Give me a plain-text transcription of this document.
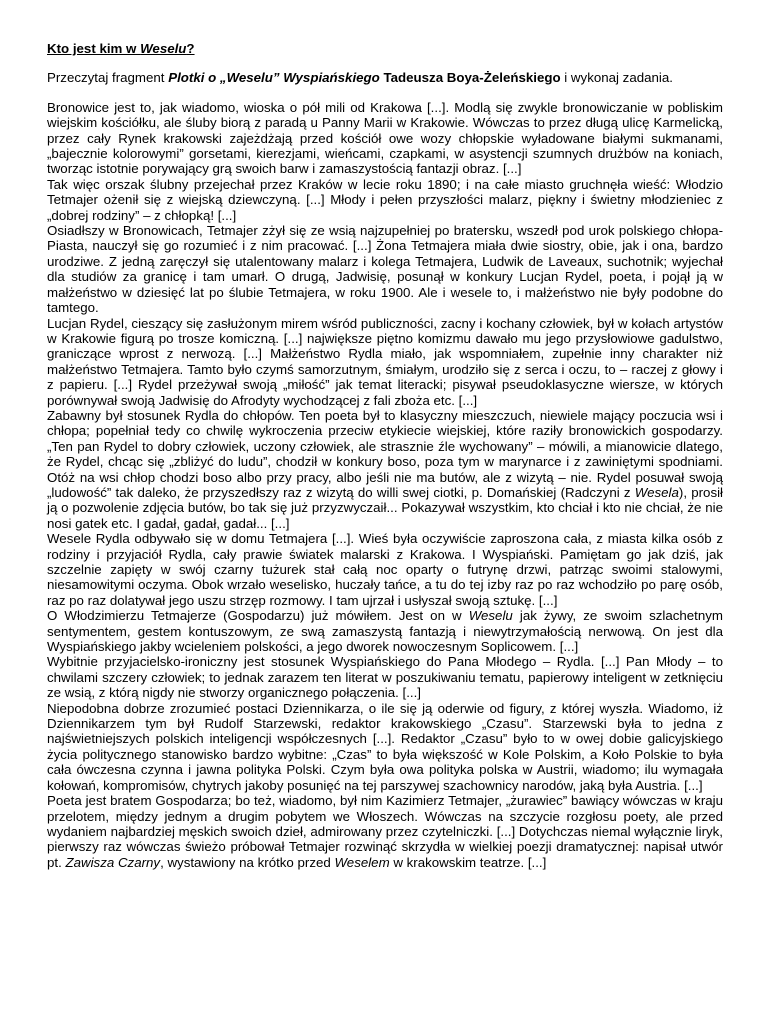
Kto jest kim w Weselu?

Przeczytaj fragment Plotki o „Weselu” Wyspiańskiego Tadeusza Boya-Żeleńskiego i wykonaj zadania.

Bronowice jest to, jak wiadomo, wioska o pół mili od Krakowa [...]. Modlą się zwykle bronowiczanie w pobliskim wiejskim kościółku, ale śluby biorą z paradą u Panny Marii w Krakowie. Wówczas to przez długą ulicę Karmelicką, przez cały Rynek krakowski zajeżdżają przed kościół owe wozy chłopskie wyładowane białymi sukmanami, „bajecznie kolorowymi” gorsetami, kierezjami, wieńcami, czapkami, w asystencji szumnych drużbów na koniach, tworząc istotnie porywający grą swoich barw i zamaszystością fantazji obraz. [...]

Tak więc orszak ślubny przejechał przez Kraków w lecie roku 1890; i na całe miasto gruchnęła wieść: Włodzio Tetmajer ożenił się z wiejską dziewczyną. [...] Młody i pełen przyszłości malarz, piękny i świetny młodzieniec z „dobrej rodziny” – z chłopką! [...]

Osiadłszy w Bronowicach, Tetmajer zżył się ze wsią najzupełniej po bratersku, wszedł pod urok polskiego chłopa-Piasta, nauczył się go rozumieć i z nim pracować. [...] Żona Tetmajera miała dwie siostry, obie, jak i ona, bardzo urodziwe. Z jedną zaręczył się utalentowany malarz i kolega Tetmajera, Ludwik de Laveaux, suchotnik; wyjechał dla studiów za granicę i tam umarł. O drugą, Jadwisię, posunął w konkury Lucjan Rydel, poeta, i pojął ją w małżeństwo w dziesięć lat po ślubie Tetmajera, w roku 1900. Ale i wesele to, i małżeństwo nie były podobne do tamtego.

Lucjan Rydel, cieszący się zasłużonym mirem wśród publiczności, zacny i kochany człowiek, był w kołach artystów w Krakowie figurą po trosze komiczną. [...] największe piętno komizmu dawało mu jego przysłowiowe gadulstwo, graniczące wprost z nerwozą. [...] Małżeństwo Rydla miało, jak wspomniałem, zupełnie inny charakter niż małżeństwo Tetmajera. Tamto było czymś samorzutnym, śmiałym, urodziło się z serca i oczu, to – raczej z głowy i z papieru. [...] Rydel przeżywał swoją „miłość” jak temat literacki; pisywał pseudoklasyczne wiersze, w których porównywał swoją Jadwisię do Afrodyty wychodzącej z fali zboża etc. [...]

Zabawny był stosunek Rydla do chłopów. Ten poeta był to klasyczny mieszczuch, niewiele mający poczucia wsi i chłopa; popełniał tedy co chwilę wykroczenia przeciw etykiecie wiejskiej, które raziły bronowickich gospodarzy. „Ten pan Rydel to dobry człowiek, uczony człowiek, ale strasznie źle wychowany” – mówili, a mianowicie dlatego, że Rydel, chcąc się „zbliżyć do ludu”, chodził w konkury boso, poza tym w marynarce i z zawiniętymi spodniami. Otóż na wsi chłop chodzi boso albo przy pracy, albo jeśli nie ma butów, ale z wizytą – nie. Rydel posuwał swoją „ludowość” tak daleko, że przyszedłszy raz z wizytą do willi swej ciotki, p. Domańskiej (Radczyni z Wesela), prosił ją o pozwolenie zdjęcia butów, bo tak się już przyzwyczaił... Pokazywał wszystkim, kto chciał i kto nie chciał, że nie nosi gatek etc. I gadał, gadał, gadał... [...]

Wesele Rydla odbywało się w domu Tetmajera [...]. Wieś była oczywiście zaproszona cała, z miasta kilka osób z rodziny i przyjaciół Rydla, cały prawie światek malarski z Krakowa. I Wyspiański. Pamiętam go jak dziś, jak szczelnie zapięty w swój czarny tużurek stał całą noc oparty o futrynę drzwi, patrząc swoimi stalowymi, niesamowitymi oczyma. Obok wrzało weselisko, huczały tańce, a tu do tej izby raz po raz wchodziło po parę osób, raz po raz dolatywał jego uszu strzęp rozmowy. I tam ujrzał i usłyszał swoją sztukę. [...]

O Włodzimierzu Tetmajerze (Gospodarzu) już mówiłem. Jest on w Weselu jak żywy, ze swoim szlachetnym sentymentem, gestem kontuszowym, ze swą zamaszystą fantazją i niewytrzymałością nerwową. On jest dla Wyspiańskiego jakby wcieleniem polskości, a jego dworek nowoczesnym Soplicowem. [...]

Wybitnie przyjacielsko-ironiczny jest stosunek Wyspiańskiego do Pana Młodego – Rydla. [...] Pan Młody – to chwilami szczery człowiek; to jednak zarazem ten literat w poszukiwaniu tematu, papierowy inteligent w zetknięciu ze wsią, z którą nigdy nie stworzy organicznego połączenia. [...]

Niepodobna dobrze zrozumieć postaci Dziennikarza, o ile się ją oderwie od figury, z której wyszła. Wiadomo, iż Dziennikarzem tym był Rudolf Starzewski, redaktor krakowskiego „Czasu”. Starzewski była to jedna z najświetniejszych polskich inteligencji współczesnych [...]. Redaktor „Czasu” było to w owej dobie galicyjskiego życia politycznego stanowisko bardzo wybitne: „Czas” to była większość w Kole Polskim, a Koło Polskie to była cała ówczesna czynna i jawna polityka Polski. Czym była owa polityka polska w Austrii, wiadomo; ilu wymagała kołowań, kompromisów, chytrych jakoby posunięć na tej parszywej szachownicy narodów, jaką była Austria. [...]

Poeta jest bratem Gospodarza; bo też, wiadomo, był nim Kazimierz Tetmajer, „żurawiec” bawiący wówczas w kraju przelotem, między jednym a drugim pobytem we Włoszech. Wówczas na szczycie rozgłosu poety, ale przed wydaniem najbardziej męskich swoich dzieł, admirowany przez czytelniczki. [...] Dotychczas niemal wyłącznie liryk, pierwszy raz wówczas świeżo próbował Tetmajer rozwinąć skrzydła w wielkiej poezji dramatycznej: napisał utwór pt. Zawisza Czarny, wystawiony na krótko przed Weselem w krakowskim teatrze. [...]
